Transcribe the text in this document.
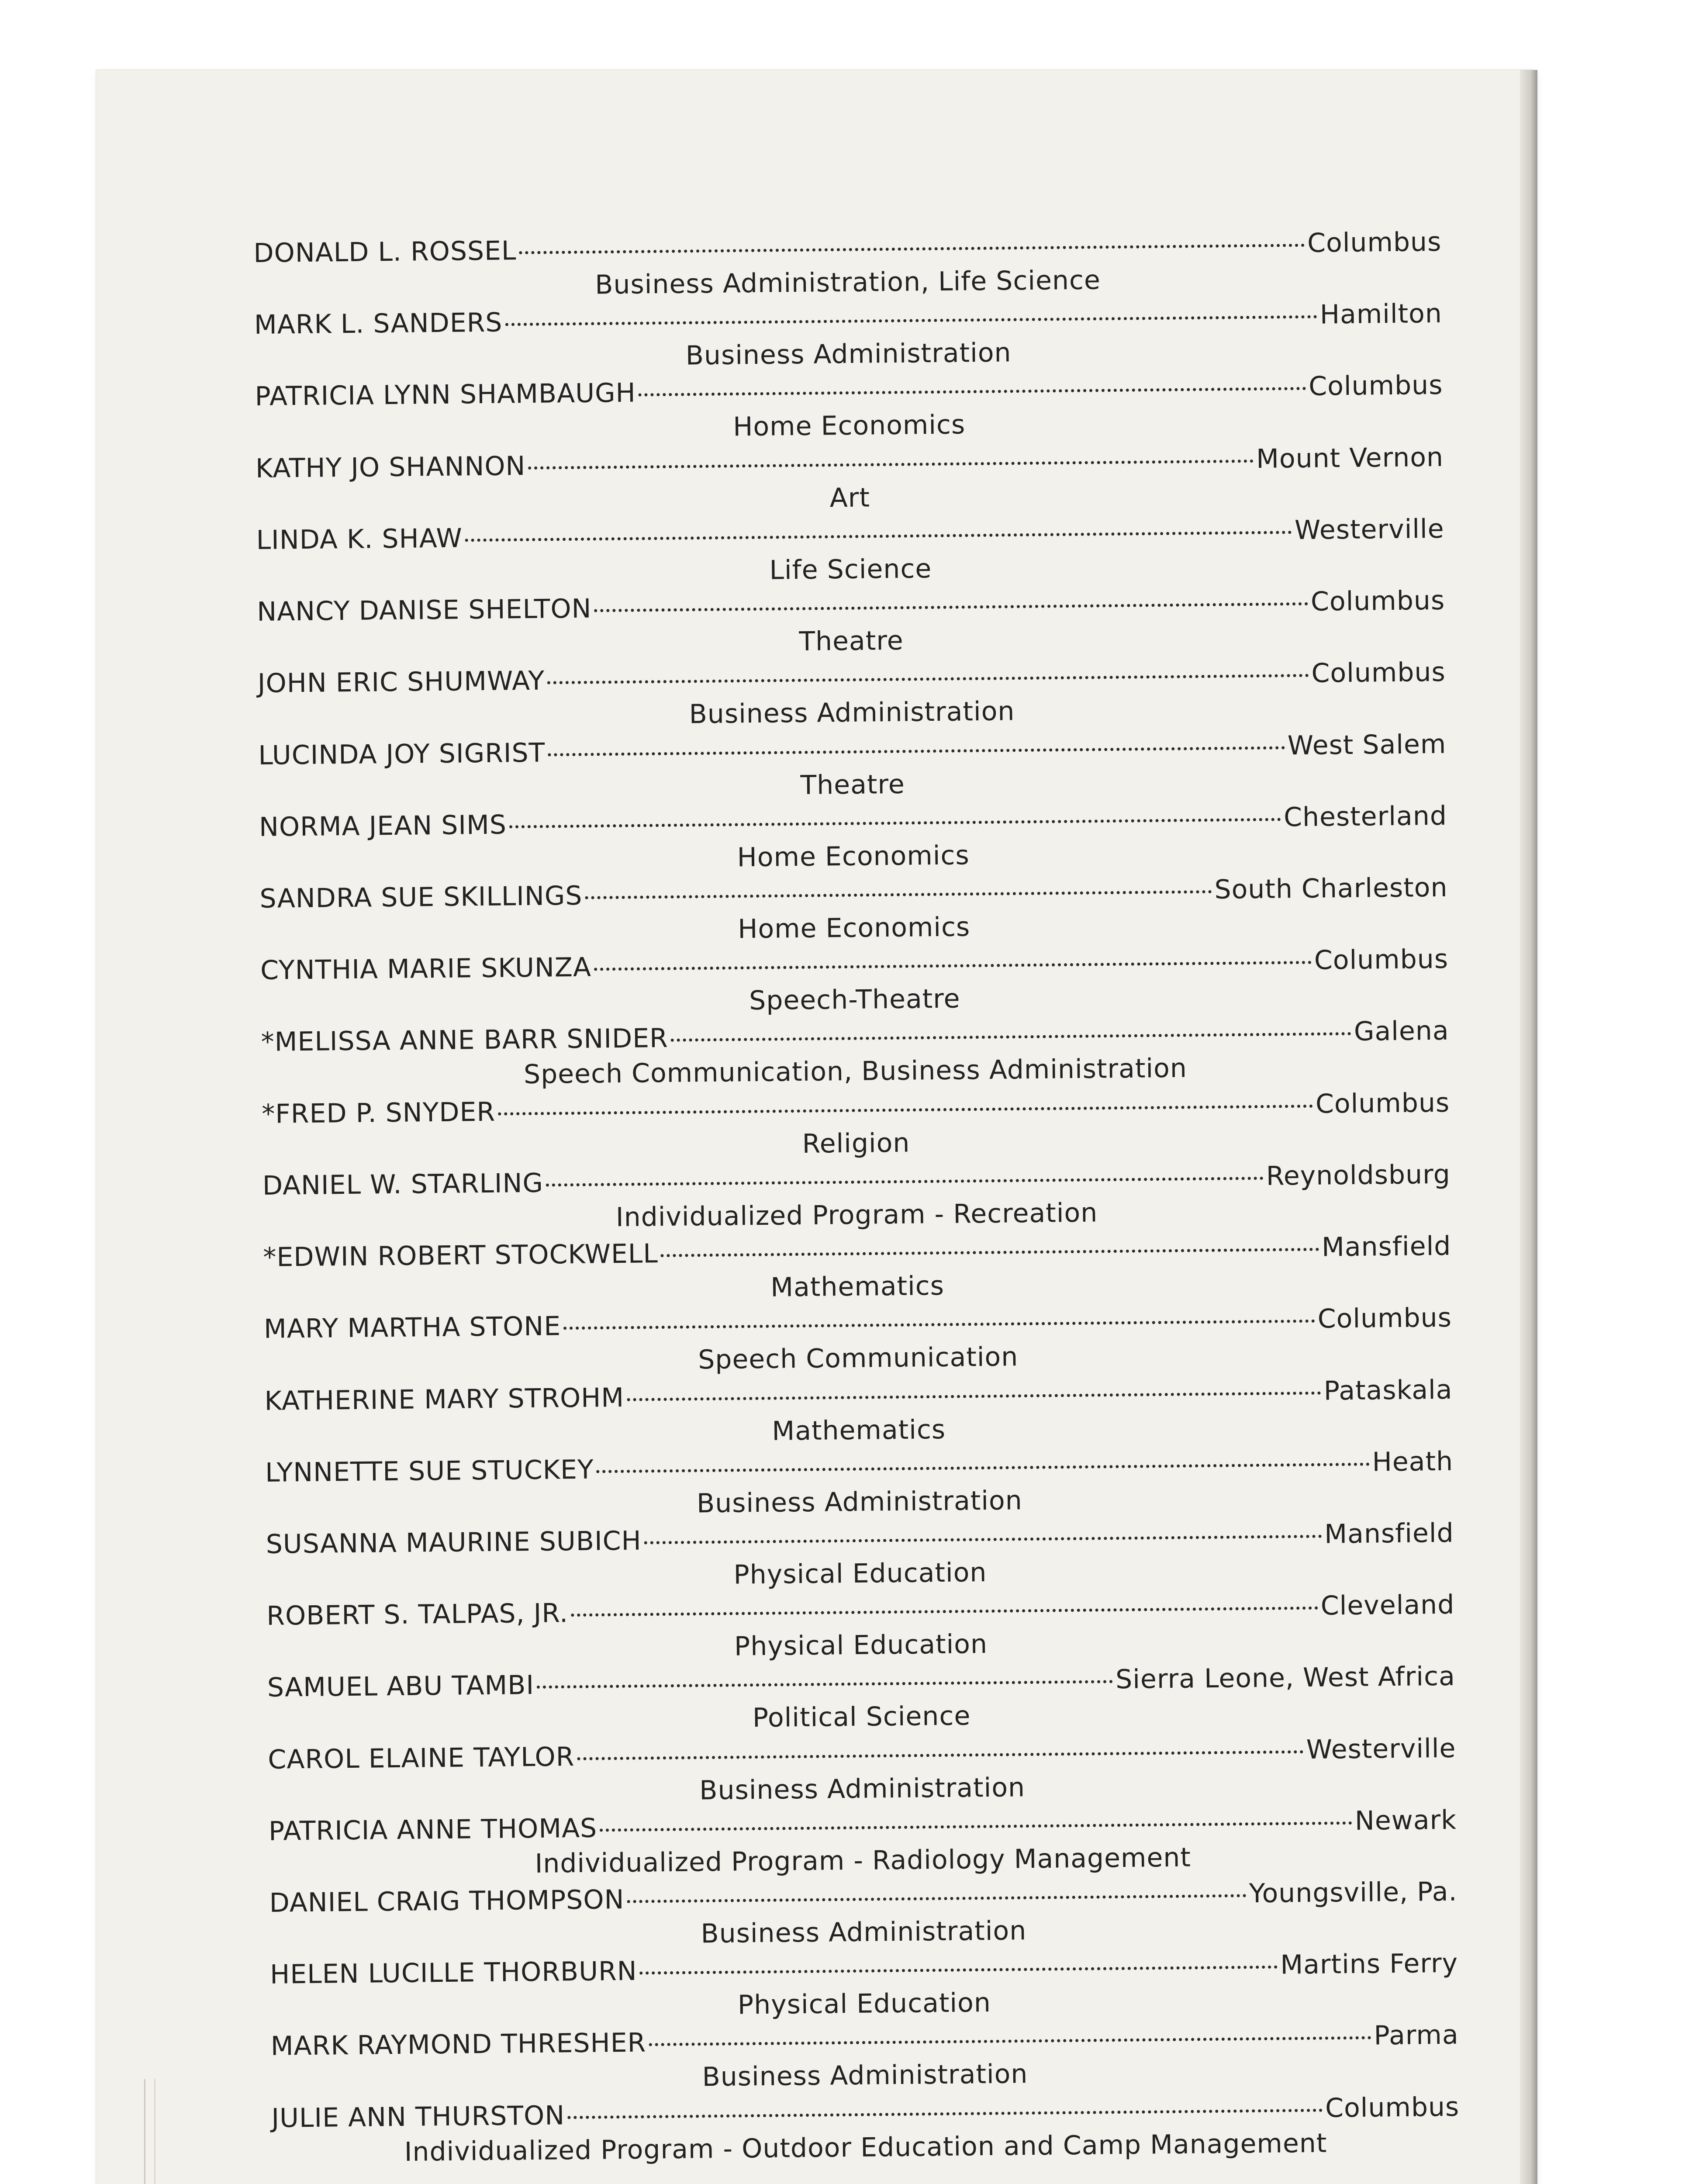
DONALD L. ROSSEL	Columbus
Business Administration, Life Science
MARK L. SANDERS	Hamilton
Business Administration
PATRICIA LYNN SHAMBAUGH	Columbus
Home Economics
KATHY JO SHANNON	Mount Vernon
Art
LINDA K. SHAW	Westerville
Life Science
NANCY DANISE SHELTON	Columbus
Theatre
JOHN ERIC SHUMWAY	Columbus
Business Administration
LUCINDA JOY SIGRIST	West Salem
Theatre
NORMA JEAN SIMS	Chesterland
Home Economics
SANDRA SUE SKILLINGS	South Charleston
Home Economics
CYNTHIA MARIE SKUNZA	Columbus
Speech-Theatre
*MELISSA ANNE BARR SNIDER	Galena
Speech Communication, Business Administration
*FRED P. SNYDER	Columbus
Religion
DANIEL W. STARLING	Reynoldsburg
Individualized Program - Recreation
*EDWIN ROBERT STOCKWELL	Mansfield
Mathematics
MARY MARTHA STONE	Columbus
Speech Communication
KATHERINE MARY STROHM	Pataskala
Mathematics
LYNNETTE SUE STUCKEY	Heath
Business Administration
SUSANNA MAURINE SUBICH	Mansfield
Physical Education
ROBERT S. TALPAS, JR.	Cleveland
Physical Education
SAMUEL ABU TAMBI	Sierra Leone, West Africa
Political Science
CAROL ELAINE TAYLOR	Westerville
Business Administration
PATRICIA ANNE THOMAS	Newark
Individualized Program - Radiology Management
DANIEL CRAIG THOMPSON	Youngsville, Pa.
Business Administration
HELEN LUCILLE THORBURN	Martins Ferry
Physical Education
MARK RAYMOND THRESHER	Parma
Business Administration
JULIE ANN THURSTON	Columbus
Individualized Program - Outdoor Education and Camp Management
